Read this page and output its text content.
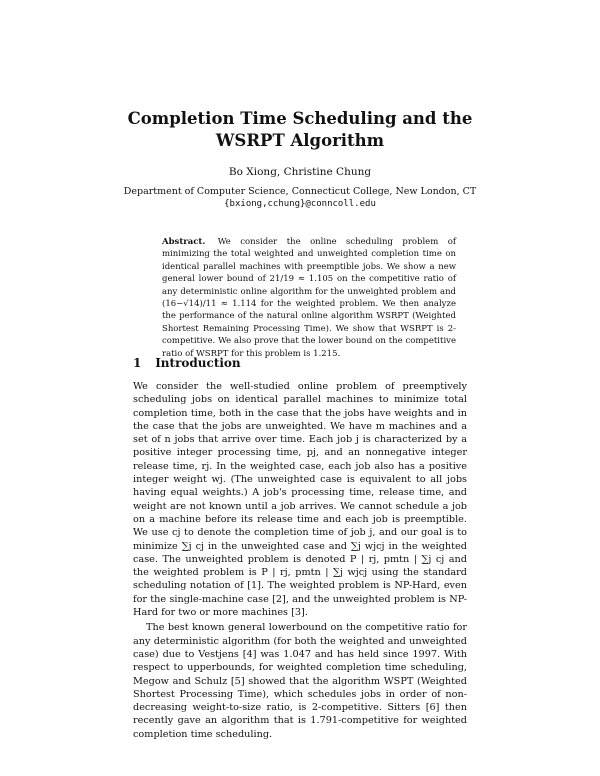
Completion Time Scheduling and the WSRPT Algorithm
Bo Xiong, Christine Chung
Department of Computer Science, Connecticut College, New London, CT
{bxiong,cchung}@conncoll.edu
Abstract. We consider the online scheduling problem of minimizing the total weighted and unweighted completion time on identical parallel machines with preemptible jobs. We show a new general lower bound of 21/19 ≈ 1.105 on the competitive ratio of any deterministic online algorithm for the unweighted problem and (16−√14)/11 ≈ 1.114 for the weighted problem. We then analyze the performance of the natural online algorithm WSRPT (Weighted Shortest Remaining Processing Time). We show that WSRPT is 2-competitive. We also prove that the lower bound on the competitive ratio of WSRPT for this problem is 1.215.
1 Introduction

We consider the well-studied online problem of preemptively scheduling jobs on identical parallel machines to minimize total completion time, both in the case that the jobs have weights and in the case that the jobs are unweighted. We have m machines and a set of n jobs that arrive over time. Each job j is characterized by a positive integer processing time, pj, and an nonnegative integer release time, rj. In the weighted case, each job also has a positive integer weight wj. (The unweighted case is equivalent to all jobs having equal weights.) A job's processing time, release time, and weight are not known until a job arrives. We cannot schedule a job on a machine before its release time and each job is preemptible. We use cj to denote the completion time of job j, and our goal is to minimize ∑j cj in the unweighted case and ∑j wjcj in the weighted case. The unweighted problem is denoted P | rj, pmtn | ∑j cj and the weighted problem is P | rj, pmtn | ∑j wjcj using the standard scheduling notation of [1]. The weighted problem is NP-Hard, even for the single-machine case [2], and the unweighted problem is NP-Hard for two or more machines [3].

The best known general lowerbound on the competitive ratio for any deterministic algorithm (for both the weighted and unweighted case) due to Vestjens [4] was 1.047 and has held since 1997. With respect to upperbounds, for weighted completion time scheduling, Megow and Schulz [5] showed that the algorithm WSPT (Weighted Shortest Processing Time), which schedules jobs in order of non-decreasing weight-to-size ratio, is 2-competitive. Sitters [6] then recently gave an algorithm that is 1.791-competitive for weighted completion time scheduling.
